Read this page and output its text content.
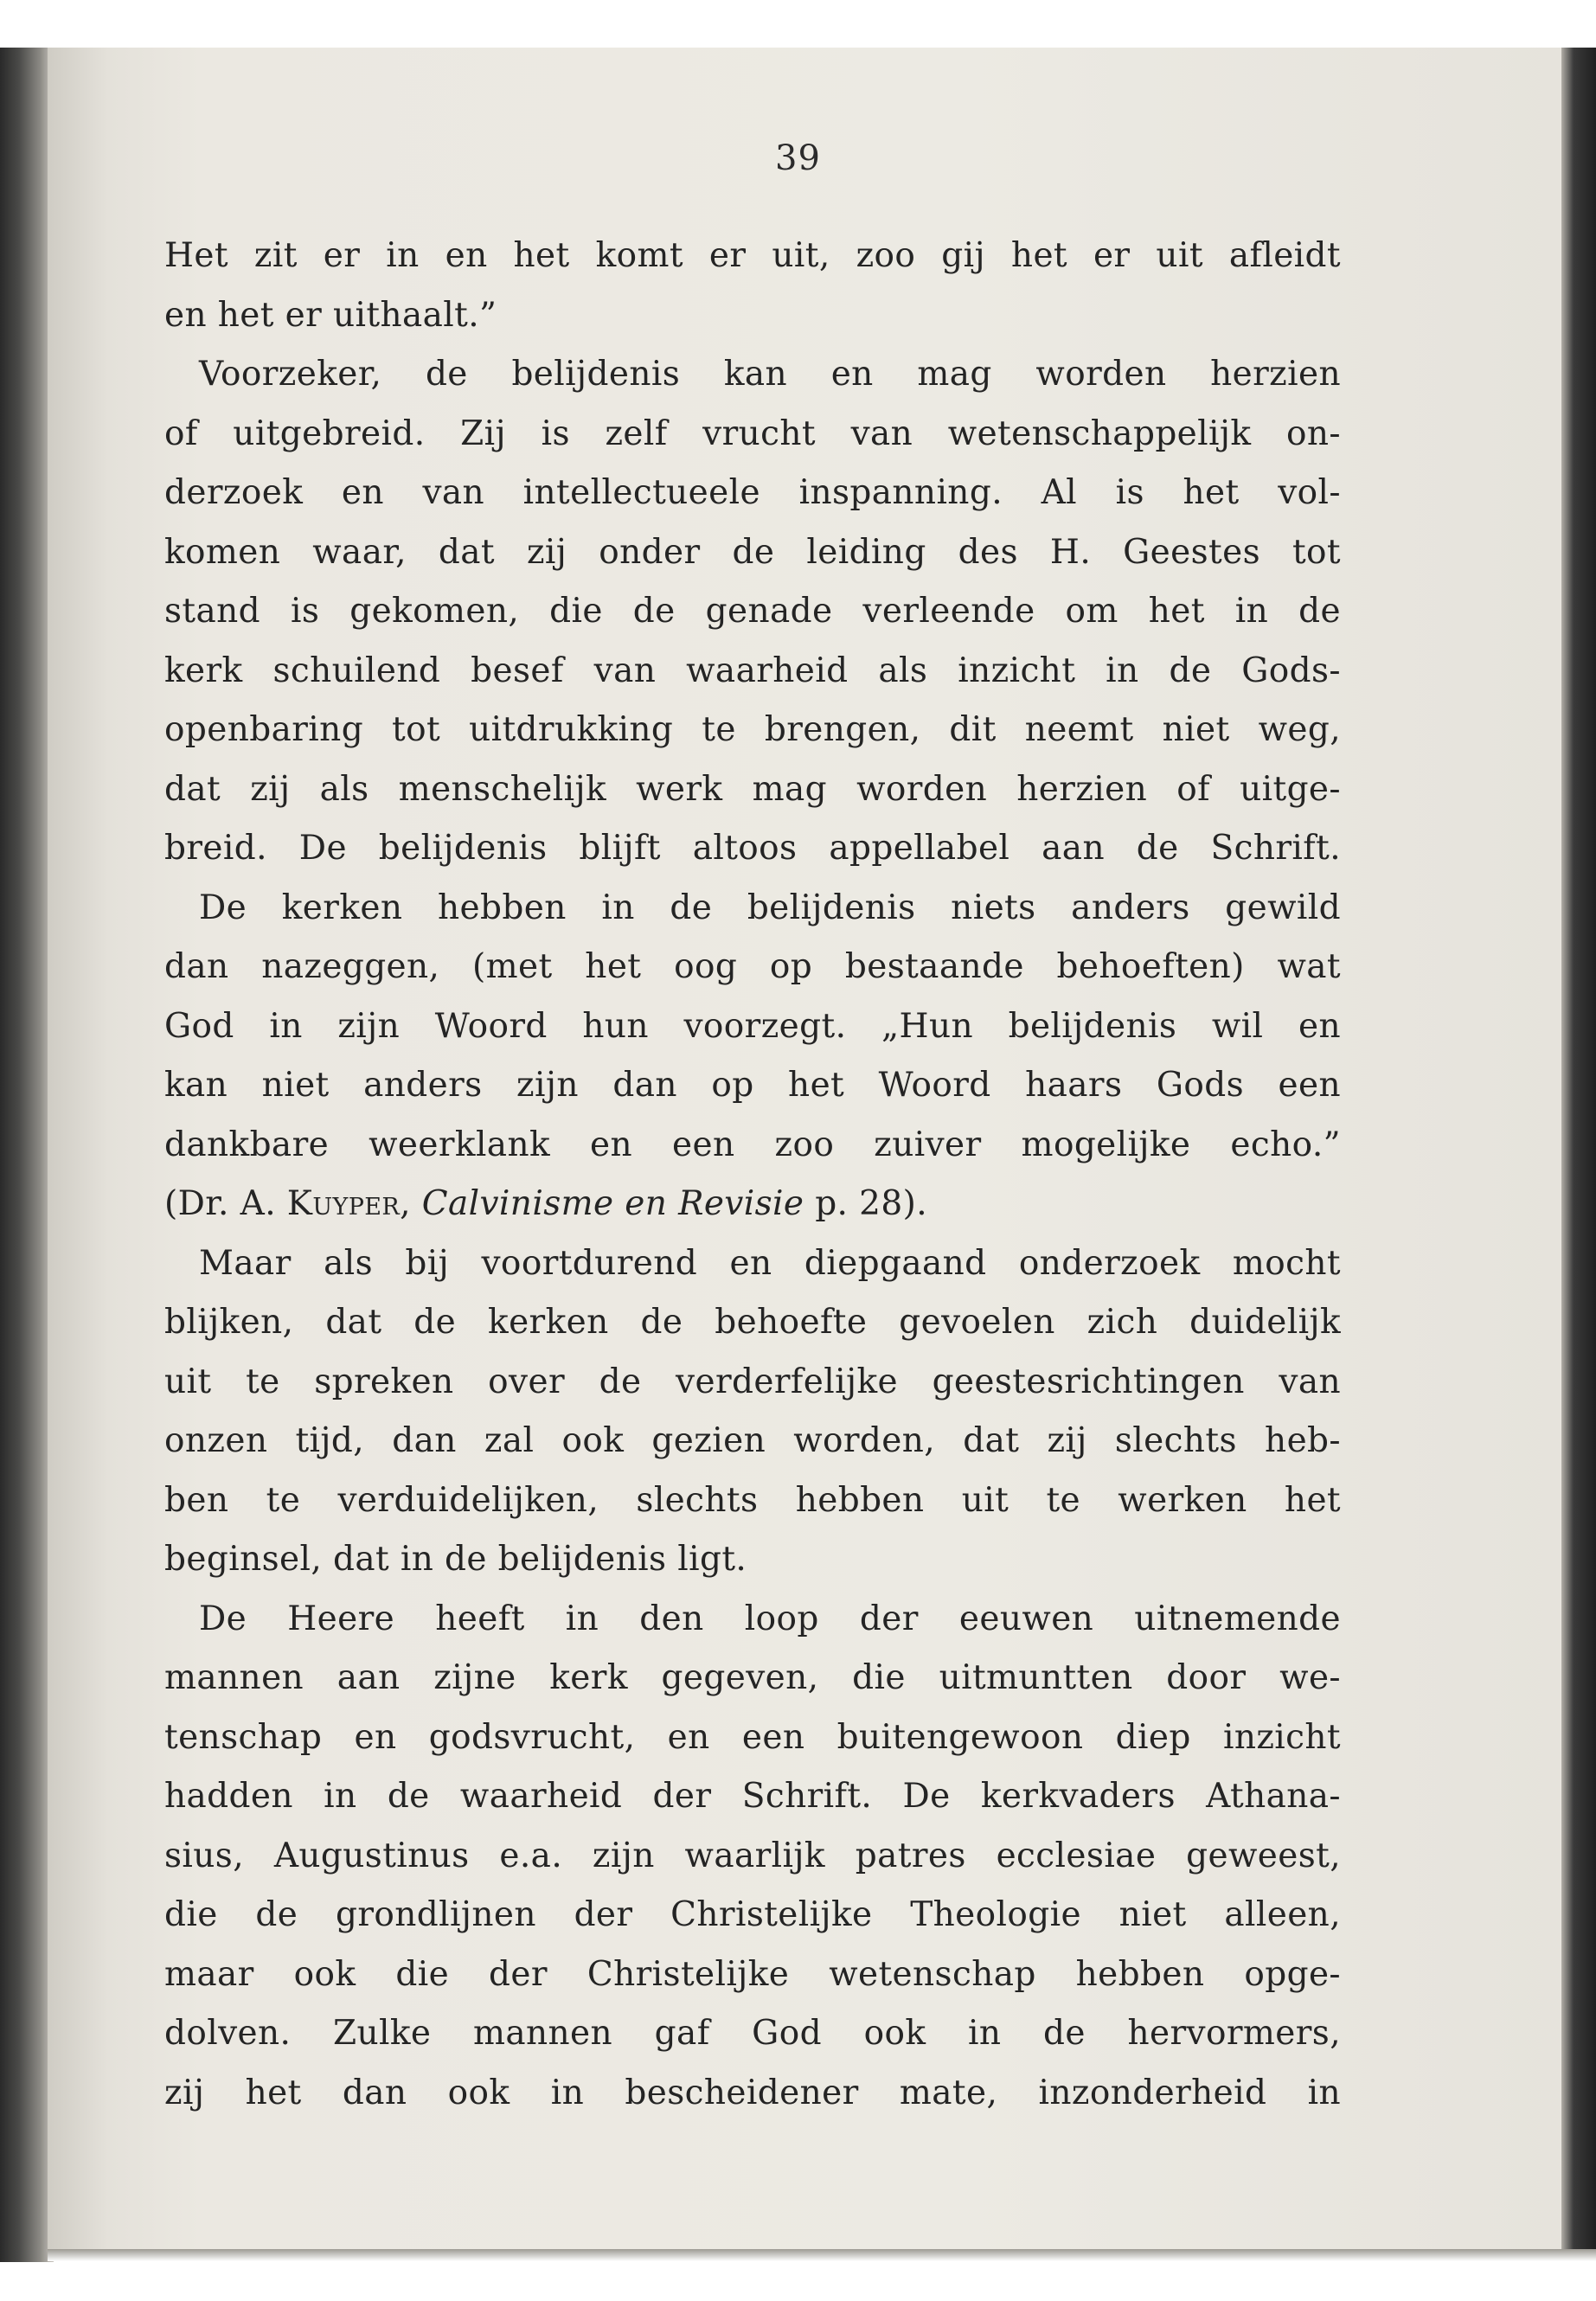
39
Het zit er in en het komt er uit, zoo gij het er uit afleidt
en het er uithaalt.”
Voorzeker, de belijdenis kan en mag worden herzien
of uitgebreid. Zij is zelf vrucht van wetenschappelijk on-
derzoek en van intellectueele inspanning. Al is het vol-
komen waar, dat zij onder de leiding des H. Geestes tot
stand is gekomen, die de genade verleende om het in de
kerk schuilend besef van waarheid als inzicht in de Gods-
openbaring tot uitdrukking te brengen, dit neemt niet weg,
dat zij als menschelijk werk mag worden herzien of uitge-
breid. De belijdenis blijft altoos appellabel aan de Schrift.
De kerken hebben in de belijdenis niets anders gewild
dan nazeggen, (met het oog op bestaande behoeften) wat
God in zijn Woord hun voorzegt. „Hun belijdenis wil en
kan niet anders zijn dan op het Woord haars Gods een
dankbare weerklank en een zoo zuiver mogelijke echo.”
(Dr. A. Kuyper, Calvinisme en Revisie p. 28).
Maar als bij voortdurend en diepgaand onderzoek mocht
blijken, dat de kerken de behoefte gevoelen zich duidelijk
uit te spreken over de verderfelijke geestesrichtingen van
onzen tijd, dan zal ook gezien worden, dat zij slechts heb-
ben te verduidelijken, slechts hebben uit te werken het
beginsel, dat in de belijdenis ligt.
De Heere heeft in den loop der eeuwen uitnemende
mannen aan zijne kerk gegeven, die uitmuntten door we-
tenschap en godsvrucht, en een buitengewoon diep inzicht
hadden in de waarheid der Schrift. De kerkvaders Athana-
sius, Augustinus e.a. zijn waarlijk patres ecclesiae geweest,
die de grondlijnen der Christelijke Theologie niet alleen,
maar ook die der Christelijke wetenschap hebben opge-
dolven. Zulke mannen gaf God ook in de hervormers,
zij het dan ook in bescheidener mate, inzonderheid in
